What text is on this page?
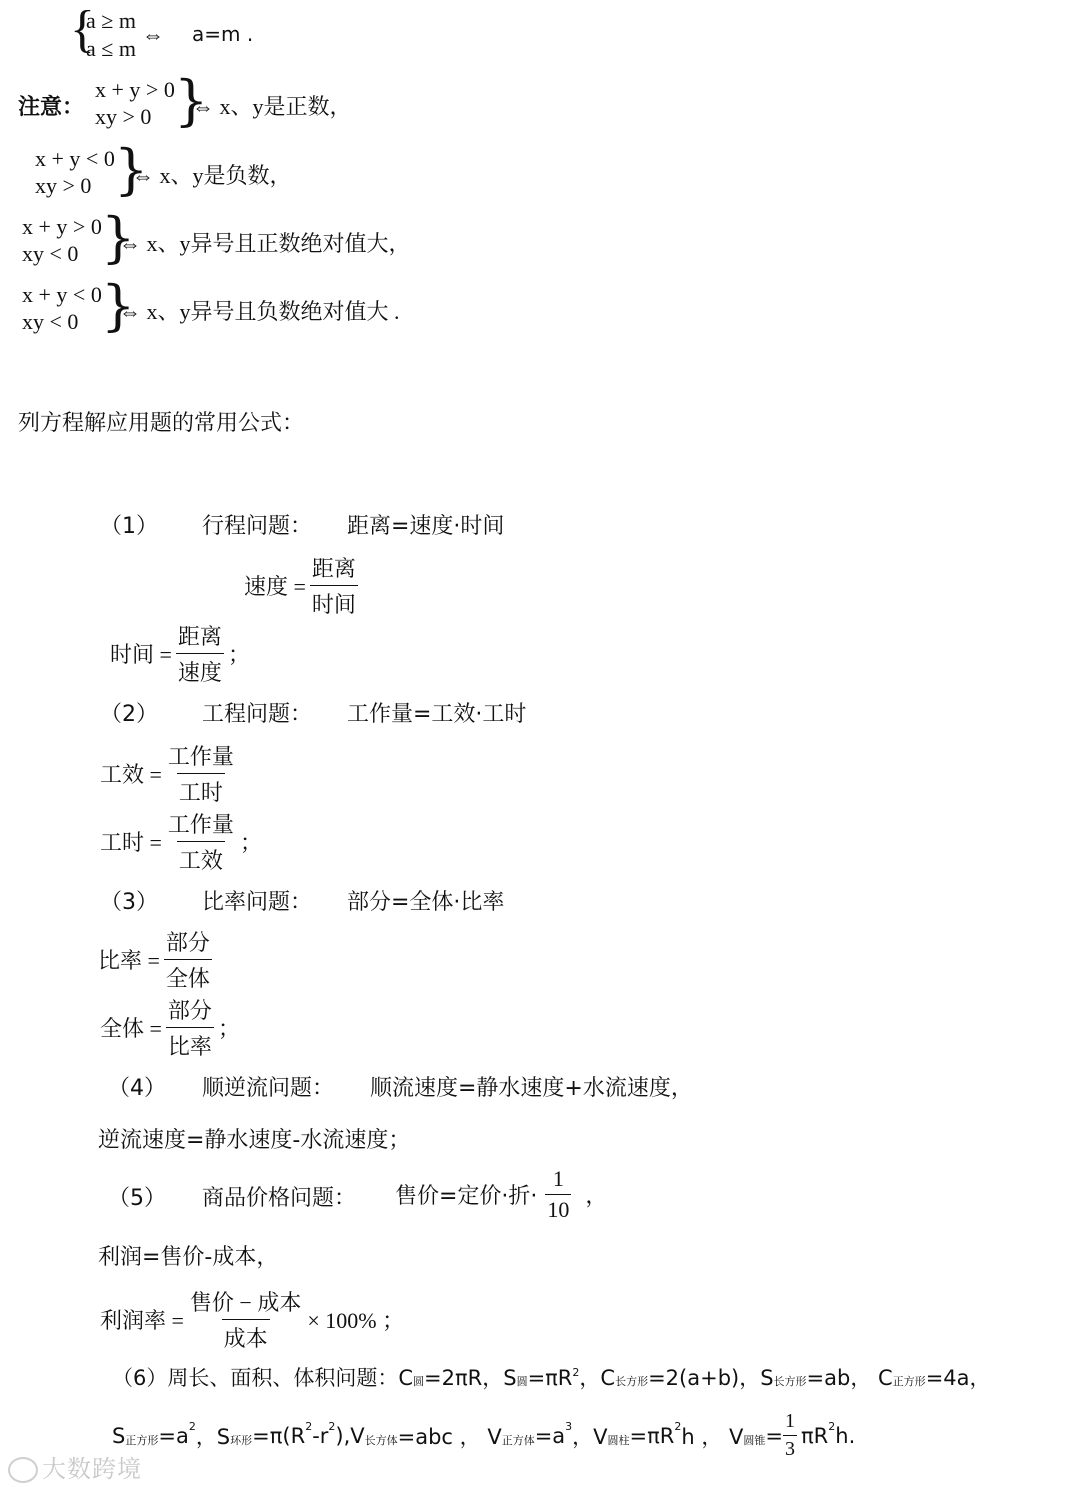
{
a ≥ m
a ≤ m
⇔ a=m .
注意：
x + y > 0
xy > 0 }
⇔ x、y是正数，
x + y < 0
xy > 0 }
⇔ x、y是负数，
x + y > 0
xy < 0 }
⇔ x、y异号且正数绝对值大，
x + y < 0
xy < 0 }
⇔ x、y异号且负数绝对值大 .
列方程解应用题的常用公式：
（1） 行程问题： 距离=速度·时间
速度 = $\frac{\text{距离}}{\text{时间}}$
时间 = $\frac{\text{距离}}{\text{速度}}$ ；
（2） 工程问题： 工作量=工效·工时
工效 = $\frac{\text{工作量}}{\text{工时}}$
工时 = $\frac{\text{工作量}}{\text{工效}}$ ；
（3） 比率问题： 部分=全体·比率
比率 = $\frac{\text{部分}}{\text{全体}}$
全体 = $\frac{\text{部分}}{\text{比率}}$ ；
（4） 顺逆流问题： 顺流速度=静水速度+水流速度，
逆流速度=静水速度-水流速度；
（5） 商品价格问题： 售价=定价·折· $\frac{1}{10}$ ，
利润=售价-成本，
利润率 = $\frac{\text{售价 − 成本}}{\text{成本}} \times 100\%$ ；
（6）周长、面积、体积问题：C圆=2πR，S圆$=\pi R^2$，C长方形=2(a+b)，S长方形=ab， C正方形=4a，
S 正方形 =a 2 ，S 环形 =π(R 2 -r 2 ),V 长方体 =abc ， V 正方体 =a 3 ，V 圆柱 =πR 2 h ， V 圆锥 = $\frac{1}{3}$ πR 2 h.
大数跨境
